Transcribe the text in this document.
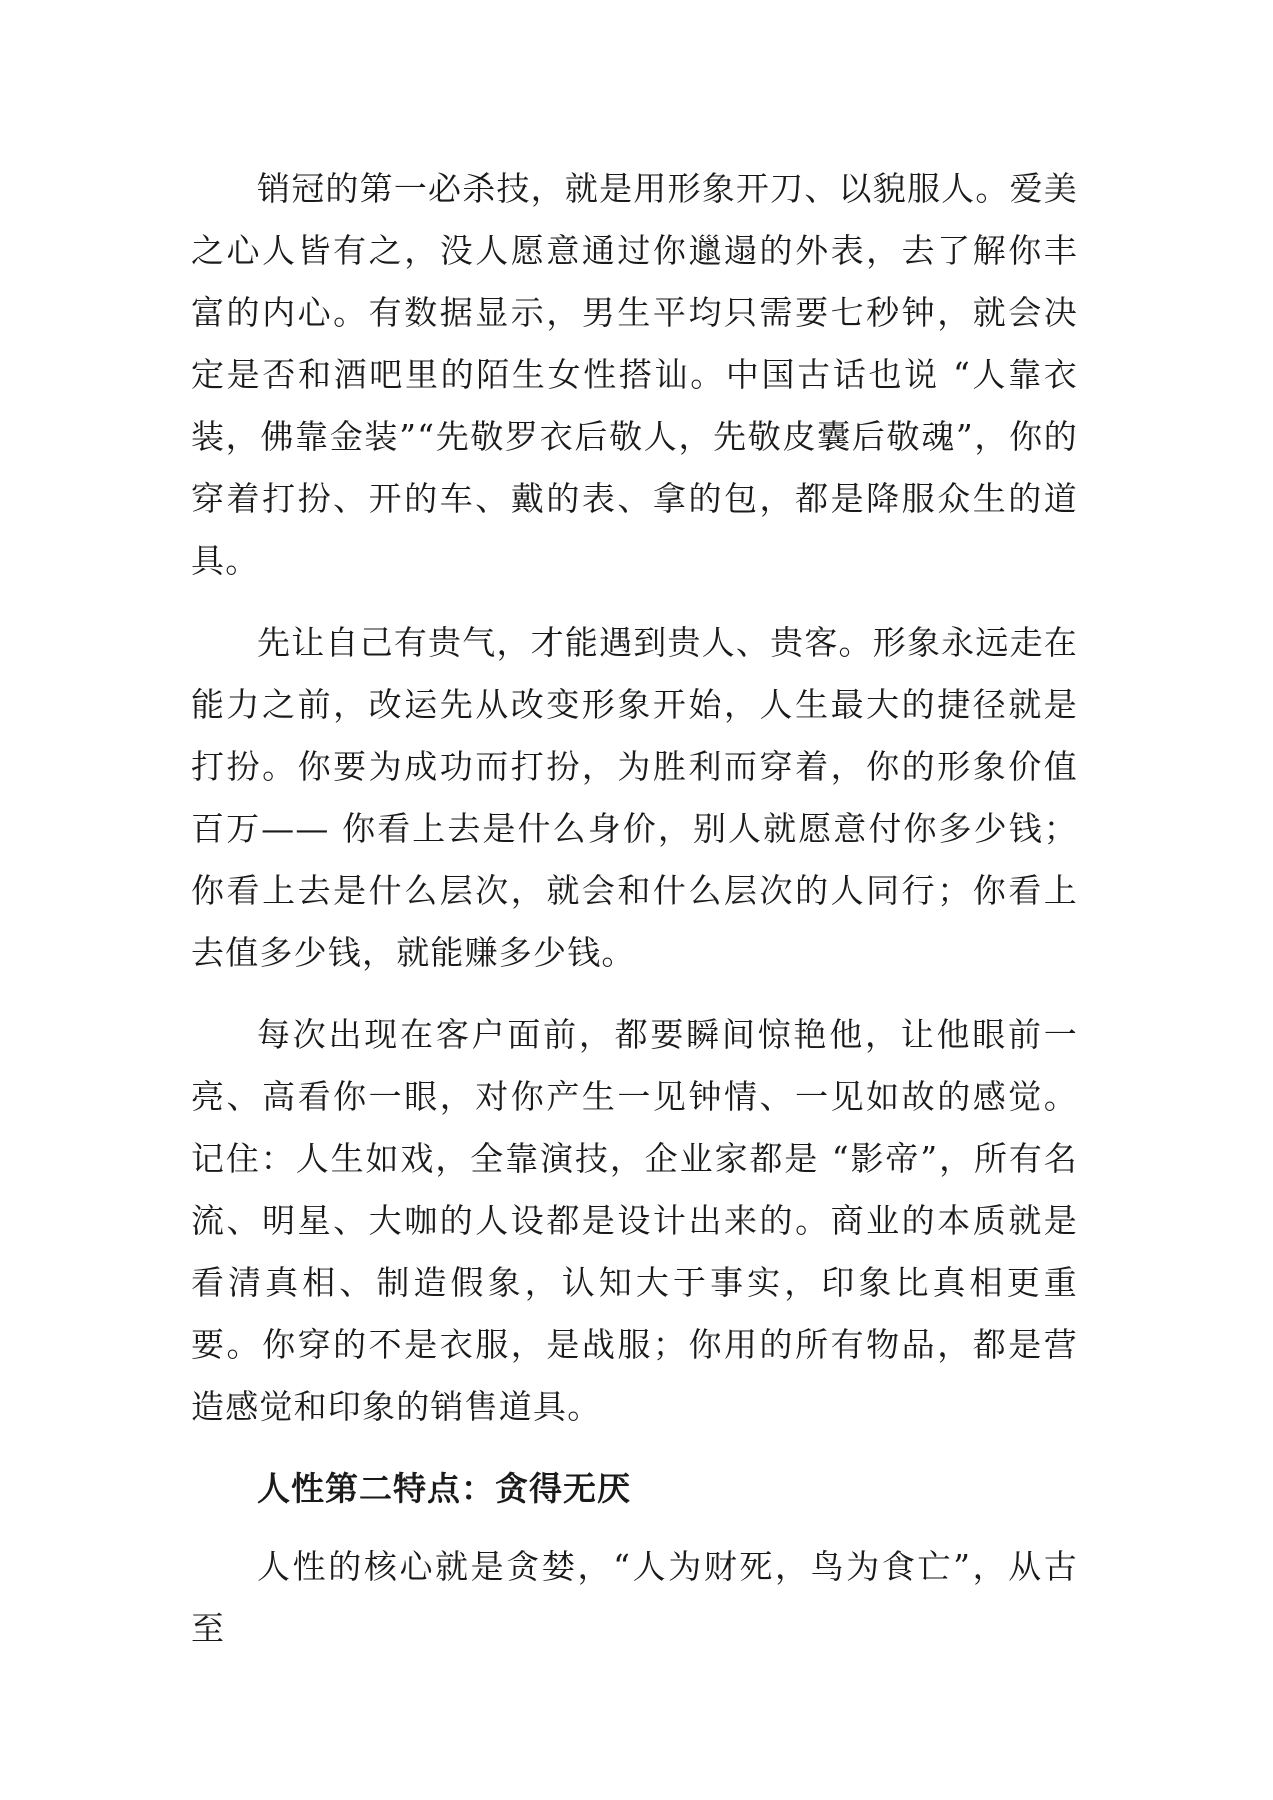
销冠的第一必杀技，就是用形象开刀、以貌服人。爱美之心人皆有之，没人愿意通过你邋遢的外表，去了解你丰富的内心。有数据显示，男生平均只需要七秒钟，就会决定是否和酒吧里的陌生女性搭讪。中国古话也说 “人靠衣装，佛靠金装”“先敬罗衣后敬人，先敬皮囊后敬魂”，你的穿着打扮、开的车、戴的表、拿的包，都是降服众生的道具。

先让自己有贵气，才能遇到贵人、贵客。形象永远走在能力之前，改运先从改变形象开始，人生最大的捷径就是打扮。你要为成功而打扮，为胜利而穿着，你的形象价值百万—— 你看上去是什么身价，别人就愿意付你多少钱；你看上去是什么层次，就会和什么层次的人同行；你看上去值多少钱，就能赚多少钱。

每次出现在客户面前，都要瞬间惊艳他，让他眼前一亮、高看你一眼，对你产生一见钟情、一见如故的感觉。记住：人生如戏，全靠演技，企业家都是 “影帝”，所有名流、明星、大咖的人设都是设计出来的。商业的本质就是看清真相、制造假象，认知大于事实，印象比真相更重要。你穿的不是衣服，是战服；你用的所有物品，都是营造感觉和印象的销售道具。

人性第二特点：贪得无厌

人性的核心就是贪婪，“人为财死，鸟为食亡”，从古至
